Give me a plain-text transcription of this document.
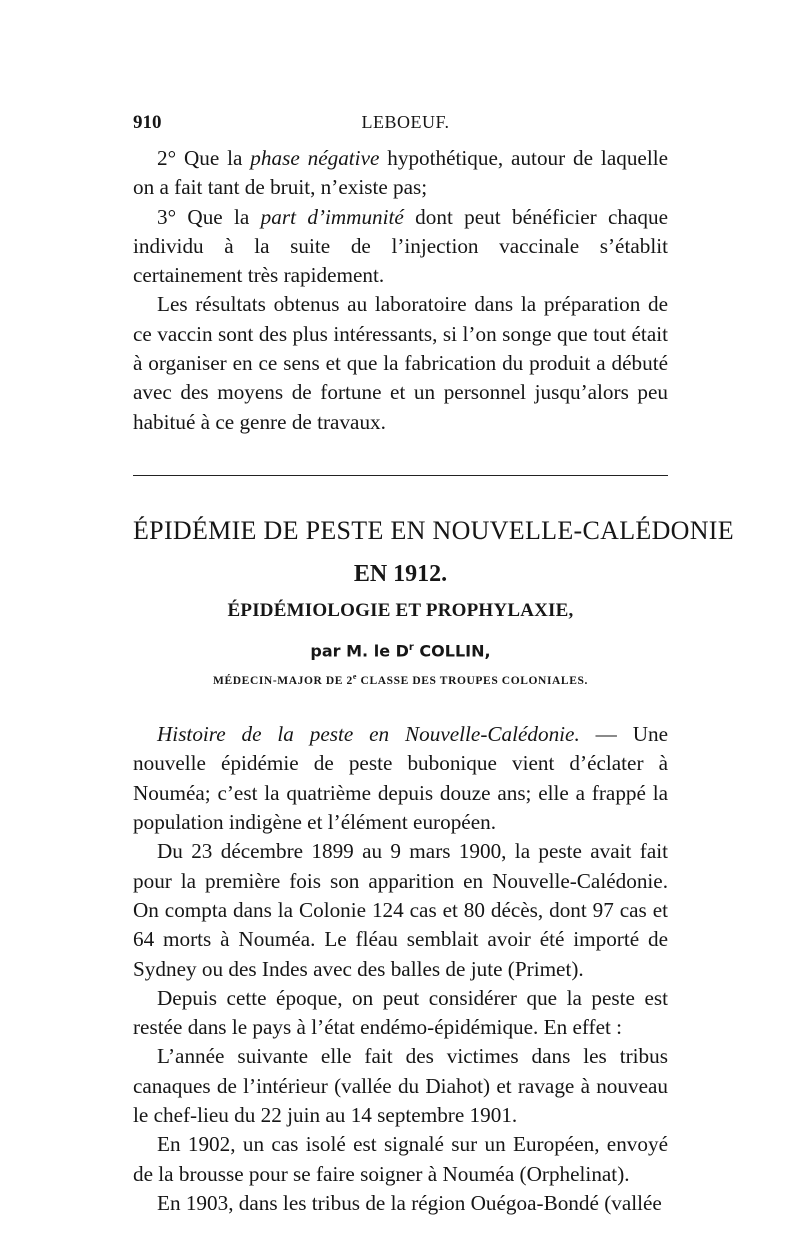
910	LEBOEUF.

2° Que la phase négative hypothétique, autour de laquelle on a fait tant de bruit, n’existe pas;

3° Que la part d’immunité dont peut bénéficier chaque individu à la suite de l’injection vaccinale s’établit certainement très rapidement.

Les résultats obtenus au laboratoire dans la préparation de ce vaccin sont des plus intéressants, si l’on songe que tout était à organiser en ce sens et que la fabrication du produit a débuté avec des moyens de fortune et un personnel jusqu’alors peu habitué à ce genre de travaux.

ÉPIDÉMIE DE PESTE EN NOUVELLE-CALÉDONIE
EN 1912.
ÉPIDÉMIOLOGIE ET PROPHYLAXIE,
par M. le $D^r$ COLLIN,
MÉDECIN-MAJOR DE 2e CLASSE DES TROUPES COLONIALES.

Histoire de la peste en Nouvelle-Calédonie. — Une nouvelle épidémie de peste bubonique vient d’éclater à Nouméa; c’est la quatrième depuis douze ans; elle a frappé la population indigène et l’élément européen.

Du 23 décembre 1899 au 9 mars 1900, la peste avait fait pour la première fois son apparition en Nouvelle-Calédonie. On compta dans la Colonie 124 cas et 80 décès, dont 97 cas et 64 morts à Nouméa. Le fléau semblait avoir été importé de Sydney ou des Indes avec des balles de jute (Primet).

Depuis cette époque, on peut considérer que la peste est restée dans le pays à l’état endémo-épidémique. En effet :

L’année suivante elle fait des victimes dans les tribus canaques de l’intérieur (vallée du Diahot) et ravage à nouveau le chef-lieu du 22 juin au 14 septembre 1901.

En 1902, un cas isolé est signalé sur un Européen, envoyé de la brousse pour se faire soigner à Nouméa (Orphelinat).

En 1903, dans les tribus de la région Ouégoa-Bondé (vallée
